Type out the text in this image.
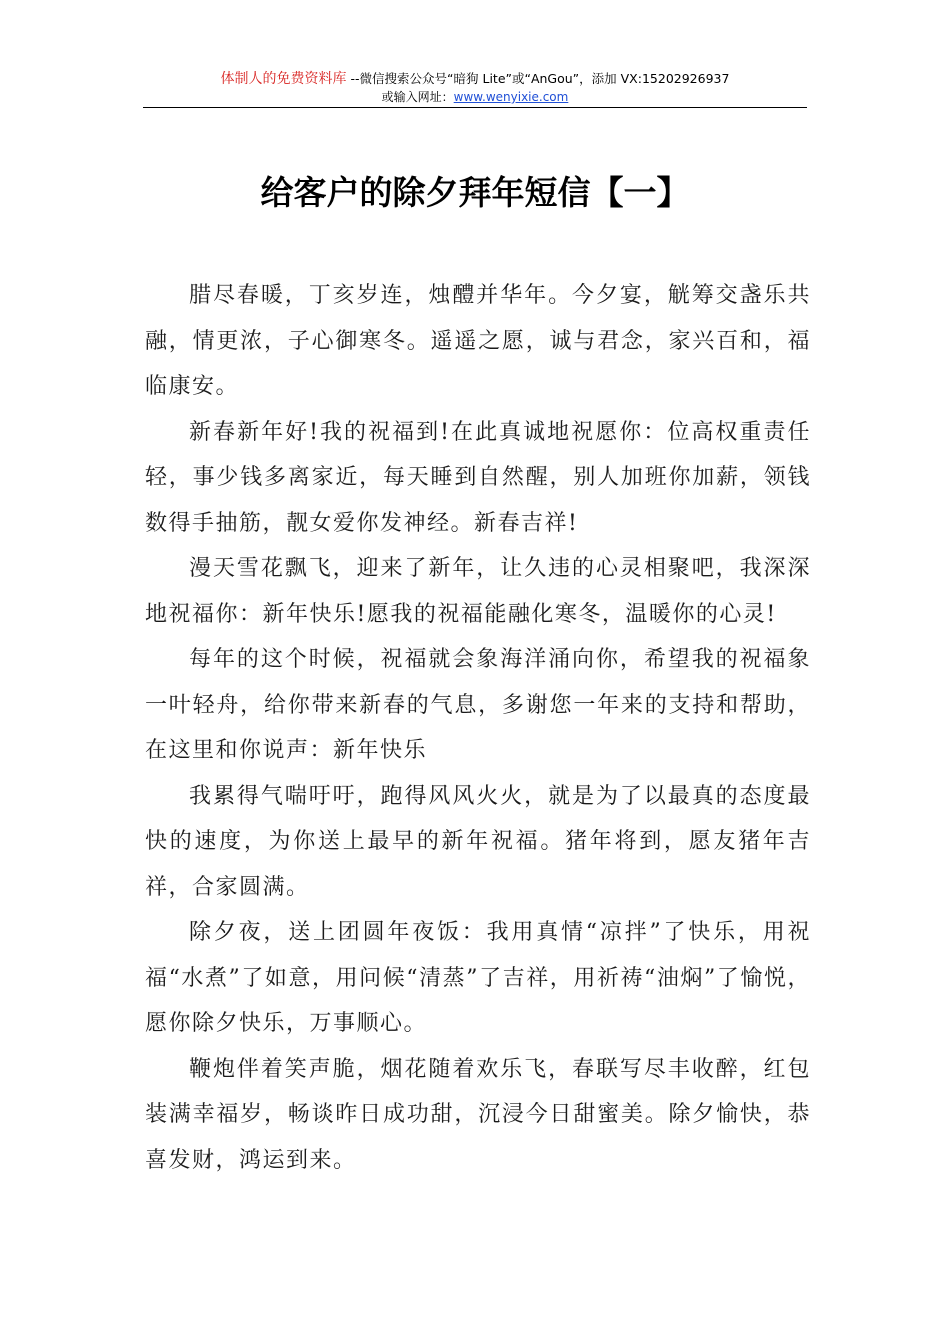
体制人的免费资料库 --微信搜索公众号“暗狗 Lite”或“AnGou”，添加 VX:15202926937
或输入网址：www.wenyixie.com
给客户的除夕拜年短信【一】

腊尽春暖，丁亥岁连，烛醴并华年。今夕宴，觥筹交盏乐共融，情更浓，子心御寒冬。遥遥之愿，诚与君念，家兴百和，福临康安。

新春新年好!我的祝福到!在此真诚地祝愿你：位高权重责任轻，事少钱多离家近，每天睡到自然醒，别人加班你加薪，领钱数得手抽筋，靓女爱你发神经。新春吉祥!

漫天雪花飘飞，迎来了新年，让久违的心灵相聚吧，我深深地祝福你：新年快乐!愿我的祝福能融化寒冬，温暖你的心灵!

每年的这个时候，祝福就会象海洋涌向你，希望我的祝福象一叶轻舟，给你带来新春的气息，多谢您一年来的支持和帮助，在这里和你说声：新年快乐

我累得气喘吁吁，跑得风风火火，就是为了以最真的态度最快的速度，为你送上最早的新年祝福。猪年将到，愿友猪年吉祥，合家圆满。

除夕夜，送上团圆年夜饭：我用真情“凉拌”了快乐，用祝福“水煮”了如意，用问候“清蒸”了吉祥，用祈祷“油焖”了愉悦，愿你除夕快乐，万事顺心。

鞭炮伴着笑声脆，烟花随着欢乐飞，春联写尽丰收醉，红包装满幸福岁，畅谈昨日成功甜，沉浸今日甜蜜美。除夕愉快，恭喜发财，鸿运到来。
